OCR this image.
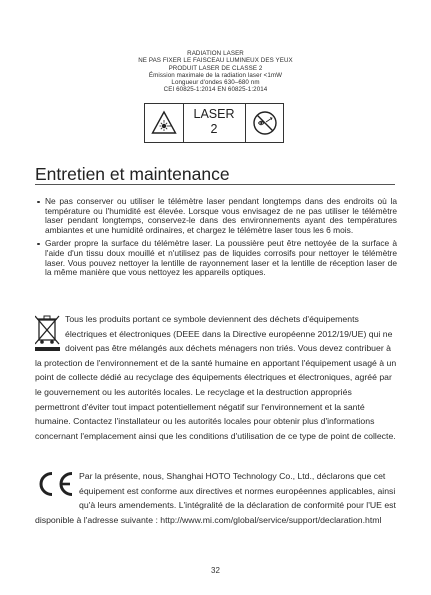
RADIATION LASER
NE PAS FIXER LE FAISCEAU LUMINEUX DES YEUX
PRODUIT LASER DE CLASSE 2
Émission maximale de la radiation laser <1mW
Longueur d'ondes 630–680 nm
CEI 60825-1:2014 EN 60825-1:2014
LASER
2
Entretien et maintenance
Ne pas conserver ou utiliser le télémètre laser pendant longtemps dans des endroits où la température ou l'humidité est élevée. Lorsque vous envisagez de ne pas utiliser le télémètre laser pendant longtemps, conservez-le dans des environnements ayant des températures ambiantes et une humidité ordinaires, et chargez le télémètre laser tous les 6 mois.
Garder propre la surface du télémètre laser. La poussière peut être nettoyée de la surface à l'aide d'un tissu doux mouillé et n'utilisez pas de liquides corrosifs pour nettoyer le télémètre laser. Vous pouvez nettoyer la lentille de rayonnement laser et la lentille de réception laser de la même manière que vous nettoyez les appareils optiques.
Tous les produits portant ce symbole deviennent des déchets d'équipements électriques et électroniques (DEEE dans la Directive européenne 2012/19/UE) qui ne doivent pas être mélangés aux déchets ménagers non triés. Vous devez contribuer à la protection de l'environnement et de la santé humaine en apportant l'équipement usagé à un point de collecte dédié au recyclage des équipements électriques et électroniques, agréé par le gouvernement ou les autorités locales. Le recyclage et la destruction appropriés permettront d'éviter tout impact potentiellement négatif sur l'environnement et la santé humaine. Contactez l'installateur ou les autorités locales pour obtenir plus d'informations concernant l'emplacement ainsi que les conditions d'utilisation de ce type de point de collecte.
Par la présente, nous, Shanghai HOTO Technology Co., Ltd., déclarons que cet équipement est conforme aux directives et normes européennes applicables, ainsi qu'à leurs amendements. L'intégralité de la déclaration de conformité pour l'UE est disponible à l'adresse suivante : http://www.mi.com/global/service/support/declaration.html
32
